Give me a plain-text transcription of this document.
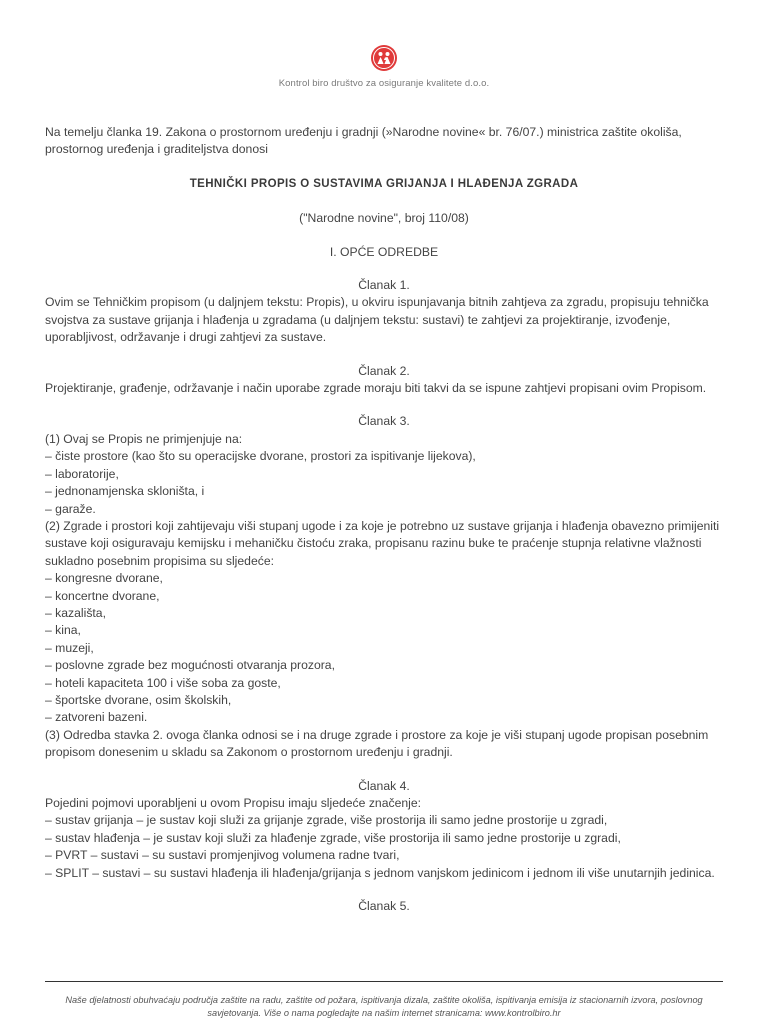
Kontrol biro društvo za osiguranje kvalitete d.o.o.

Na temelju članka 19. Zakona o prostornom uređenju i gradnji (»Narodne novine« br. 76/07.) ministrica zaštite okoliša, prostornog uređenja i graditeljstva donosi

TEHNIČKI PROPIS O SUSTAVIMA GRIJANJA I HLAĐENJA ZGRADA

("Narodne novine", broj 110/08)

I. OPĆE ODREDBE

Članak 1.

Ovim se Tehničkim propisom (u daljnjem tekstu: Propis), u okviru ispunjavanja bitnih zahtjeva za zgradu, propisuju tehnička svojstva za sustave grijanja i hlađenja u zgradama (u daljnjem tekstu: sustavi) te zahtjevi za projektiranje, izvođenje, uporabljivost, održavanje i drugi zahtjevi za sustave.

Članak 2.

Projektiranje, građenje, održavanje i način uporabe zgrade moraju biti takvi da se ispune zahtjevi propisani ovim Propisom.

Članak 3.

(1) Ovaj se Propis ne primjenjuje na:

– čiste prostore (kao što su operacijske dvorane, prostori za ispitivanje lijekova),

– laboratorije,

– jednonamjenska skloništa, i

– garaže.

(2) Zgrade i prostori koji zahtijevaju viši stupanj ugode i za koje je potrebno uz sustave grijanja i hlađenja obavezno primijeniti sustave koji osiguravaju kemijsku i mehaničku čistoću zraka, propisanu razinu buke te praćenje stupnja relativne vlažnosti sukladno posebnim propisima su sljedeće:

– kongresne dvorane,

– koncertne dvorane,

– kazališta,

– kina,

– muzeji,

– poslovne zgrade bez mogućnosti otvaranja prozora,

– hoteli kapaciteta 100 i više soba za goste,

– športske dvorane, osim školskih,

– zatvoreni bazeni.

(3) Odredba stavka 2. ovoga članka odnosi se i na druge zgrade i prostore za koje je viši stupanj ugode propisan posebnim propisom donesenim u skladu sa Zakonom o prostornom uređenju i gradnji.

Članak 4.

Pojedini pojmovi uporabljeni u ovom Propisu imaju sljedeće značenje:

– sustav grijanja – je sustav koji služi za grijanje zgrade, više prostorija ili samo jedne prostorije u zgradi,

– sustav hlađenja – je sustav koji služi za hlađenje zgrade, više prostorija ili samo jedne prostorije u zgradi,

– PVRT – sustavi – su sustavi promjenjivog volumena radne tvari,

– SPLIT – sustavi – su sustavi hlađenja ili hlađenja/grijanja s jednom vanjskom jedinicom i jednom ili više unutarnjih jedinica.

Članak 5.

Naše djelatnosti obuhvaćaju područja zaštite na radu, zaštite od požara, ispitivanja dizala, zaštite okoliša, ispitivanja emisija iz stacionarnih izvora, poslovnog savjetovanja. Više o nama pogledajte na našim internet stranicama: www.kontrolbiro.hr
